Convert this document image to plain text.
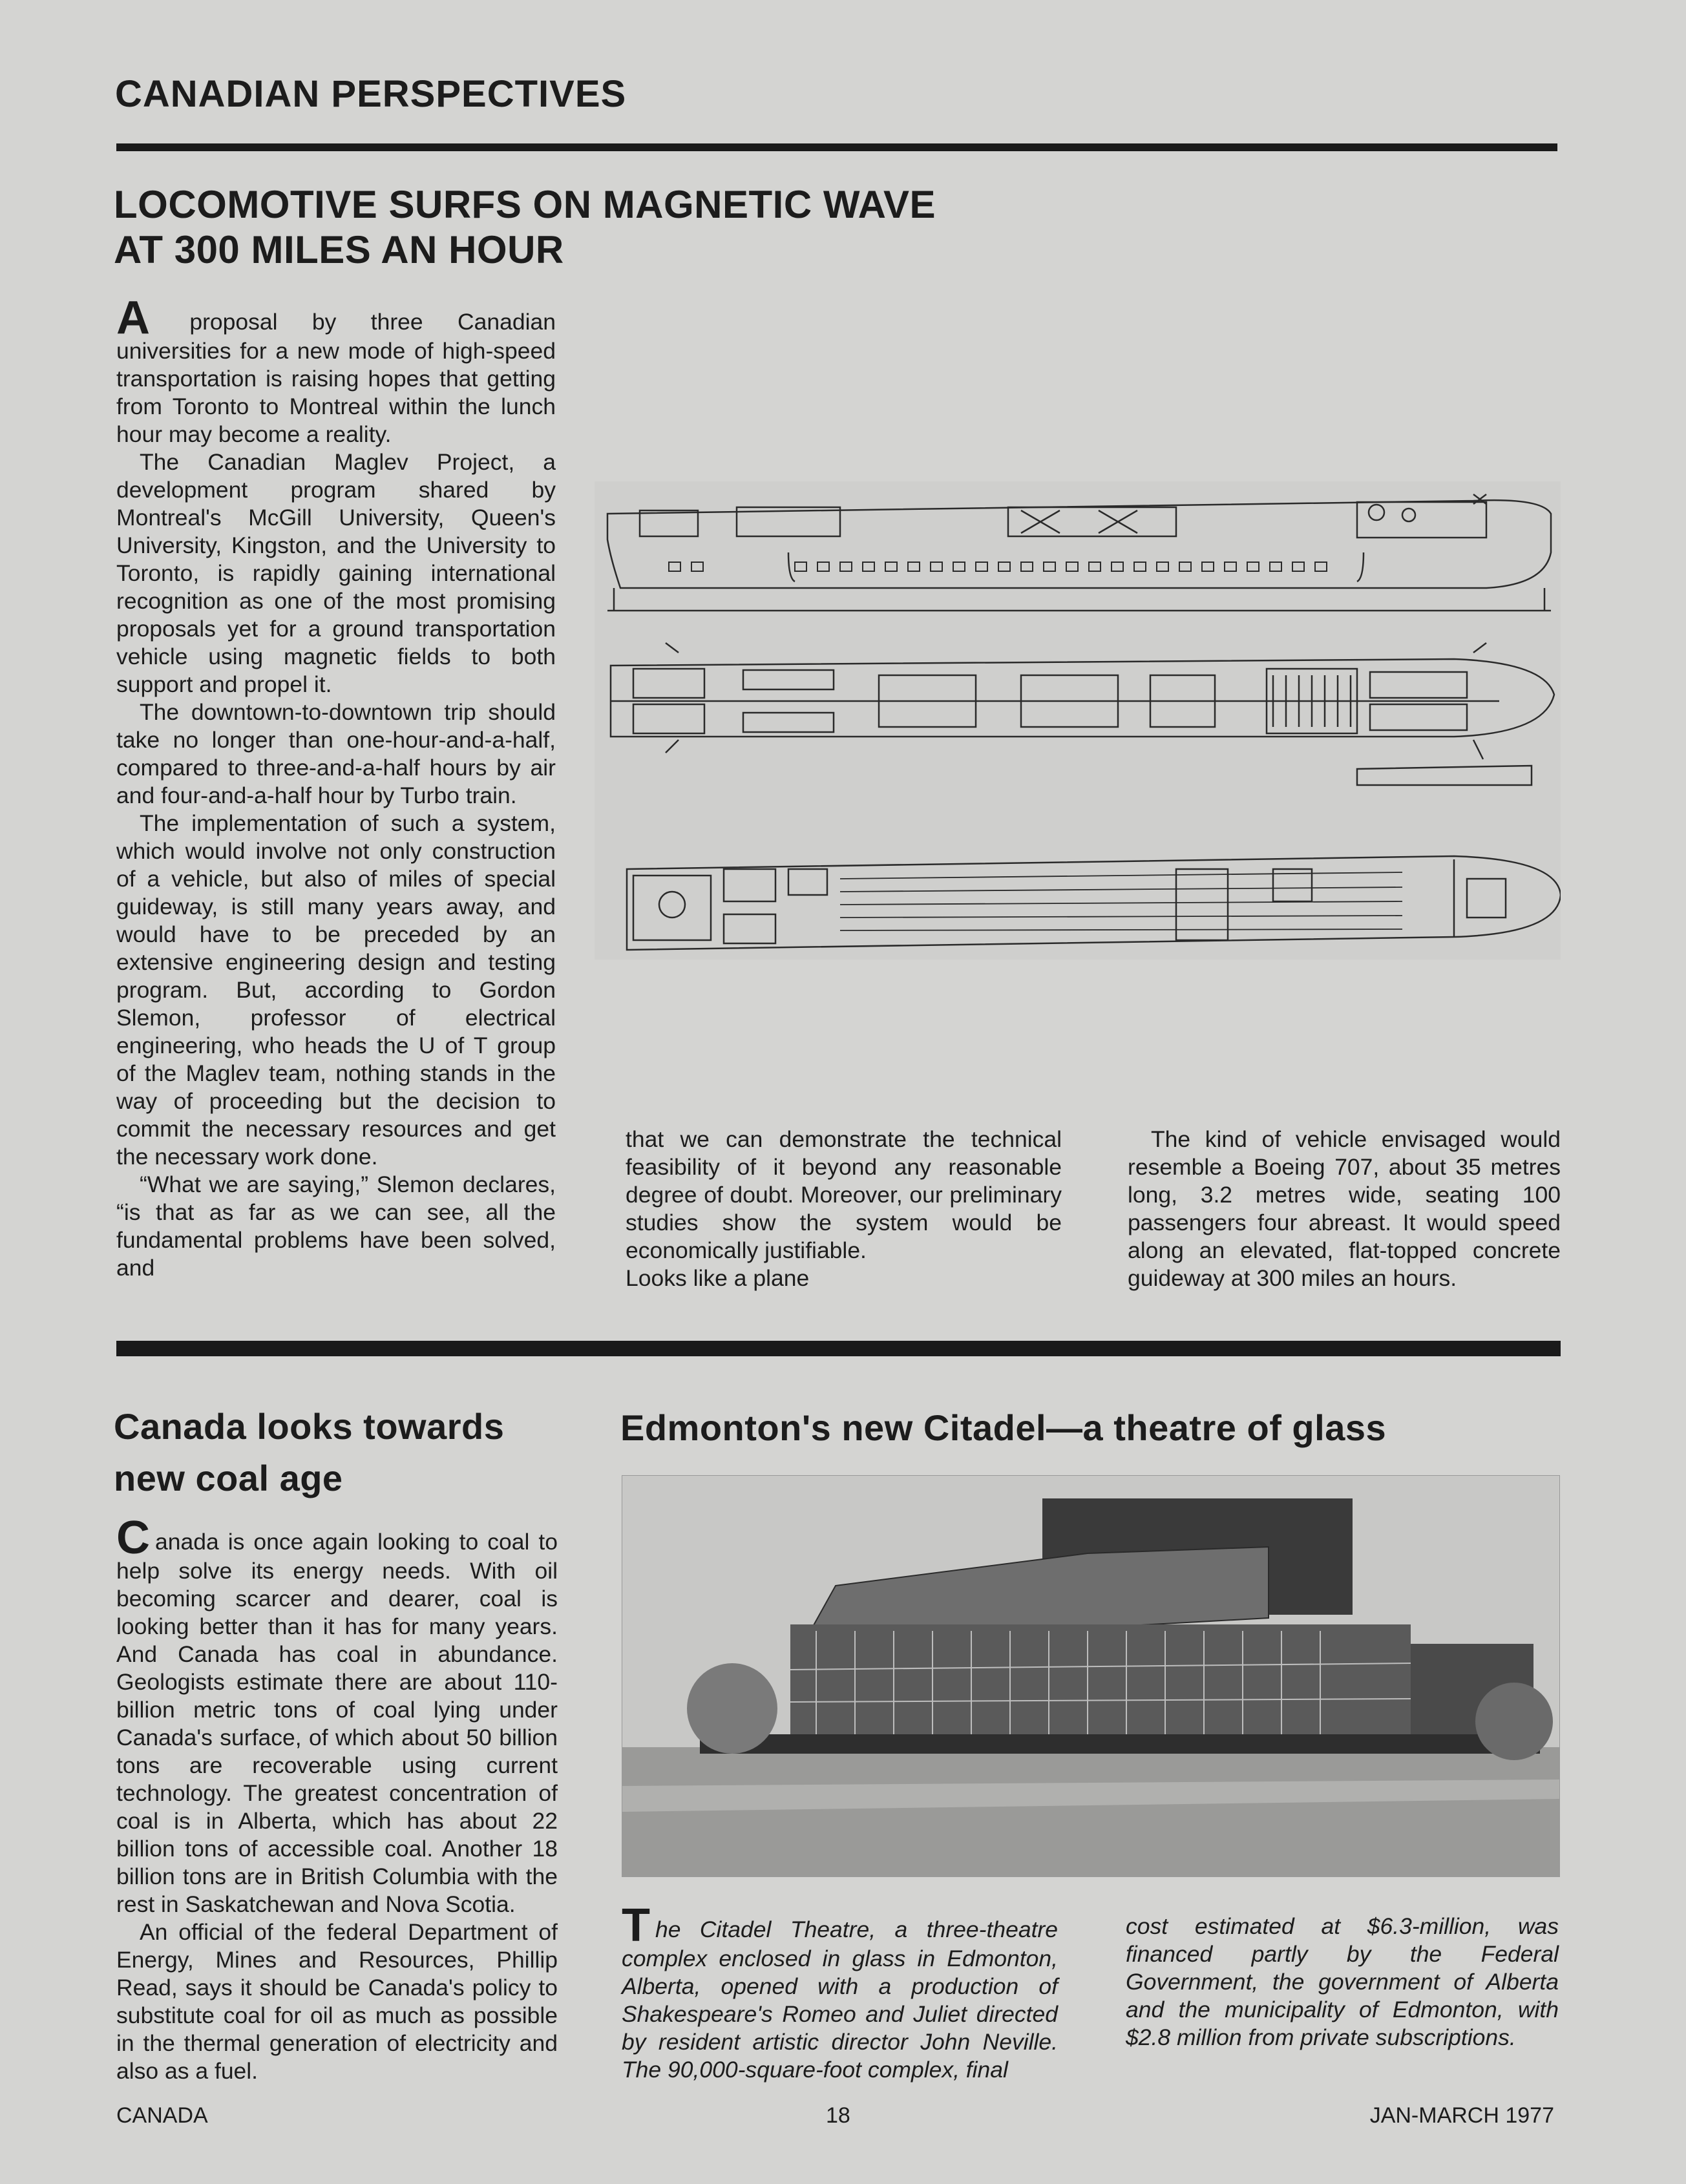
CANADIAN PERSPECTIVES
LOCOMOTIVE SURFS ON MAGNETIC WAVE
AT 300 MILES AN HOUR

A proposal by three Canadian universities for a new mode of high-speed transportation is raising hopes that getting from Toronto to Montreal within the lunch hour may become a reality.

The Canadian Maglev Project, a development program shared by Montreal's McGill University, Queen's University, Kingston, and the University to Toronto, is rapidly gaining international recognition as one of the most promising proposals yet for a ground transportation vehicle using magnetic fields to both support and propel it.

The downtown-to-downtown trip should take no longer than one-hour-and-a-half, compared to three-and-a-half hours by air and four-and-a-half hour by Turbo train.

The implementation of such a system, which would involve not only construction of a vehicle, but also of miles of special guideway, is still many years away, and would have to be preceded by an extensive engineering design and testing program. But, according to Gordon Slemon, professor of electrical engineering, who heads the U of T group of the Maglev team, nothing stands in the way of proceeding but the decision to commit the necessary resources and get the necessary work done.

“What we are saying,” Slemon declares, “is that as far as we can see, all the fundamental problems have been solved, and

that we can demonstrate the technical feasibility of it beyond any reasonable degree of doubt. Moreover, our preliminary studies show the system would be economically justifiable.

Looks like a plane

The kind of vehicle envisaged would resemble a Boeing 707, about 35 metres long, 3.2 metres wide, seating 100 passengers four abreast. It would speed along an elevated, flat-topped concrete guideway at 300 miles an hours.

Canada looks towards
new coal age

Canada is once again looking to coal to help solve its energy needs. With oil becoming scarcer and dearer, coal is looking better than it has for many years. And Canada has coal in abundance. Geologists estimate there are about 110-billion metric tons of coal lying under Canada's surface, of which about 50 billion tons are recoverable using current technology. The greatest concentration of coal is in Alberta, which has about 22 billion tons of accessible coal. Another 18 billion tons are in British Columbia with the rest in Saskatchewan and Nova Scotia.

An official of the federal Department of Energy, Mines and Resources, Phillip Read, says it should be Canada's policy to substitute coal for oil as much as possible in the thermal generation of electricity and also as a fuel.

Edmonton's new Citadel—a theatre of glass

The Citadel Theatre, a three-theatre complex enclosed in glass in Edmonton, Alberta, opened with a production of Shakespeare's Romeo and Juliet directed by resident artistic director John Neville. The 90,000-square-foot complex, final

cost estimated at $6.3-million, was financed partly by the Federal Government, the government of Alberta and the municipality of Edmonton, with $2.8 million from private subscriptions.

CANADA	18	JAN-MARCH 1977
